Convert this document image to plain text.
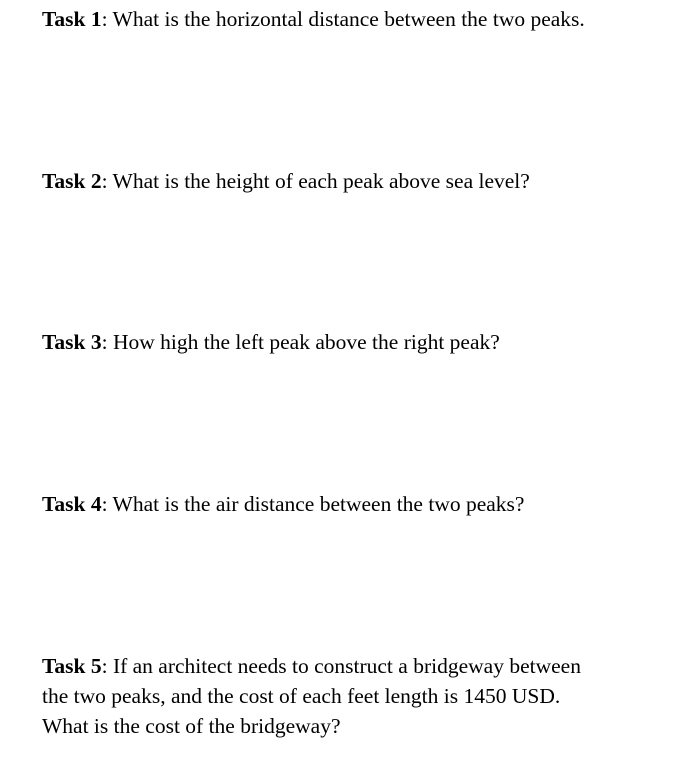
Task 1: What is the horizontal distance between the two peaks.

Task 2: What is the height of each peak above sea level?

Task 3: How high the left peak above the right peak?

Task 4: What is the air distance between the two peaks?

Task 5: If an architect needs to construct a bridgeway between
the two peaks, and the cost of each feet length is 1450 USD.
What is the cost of the bridgeway?
